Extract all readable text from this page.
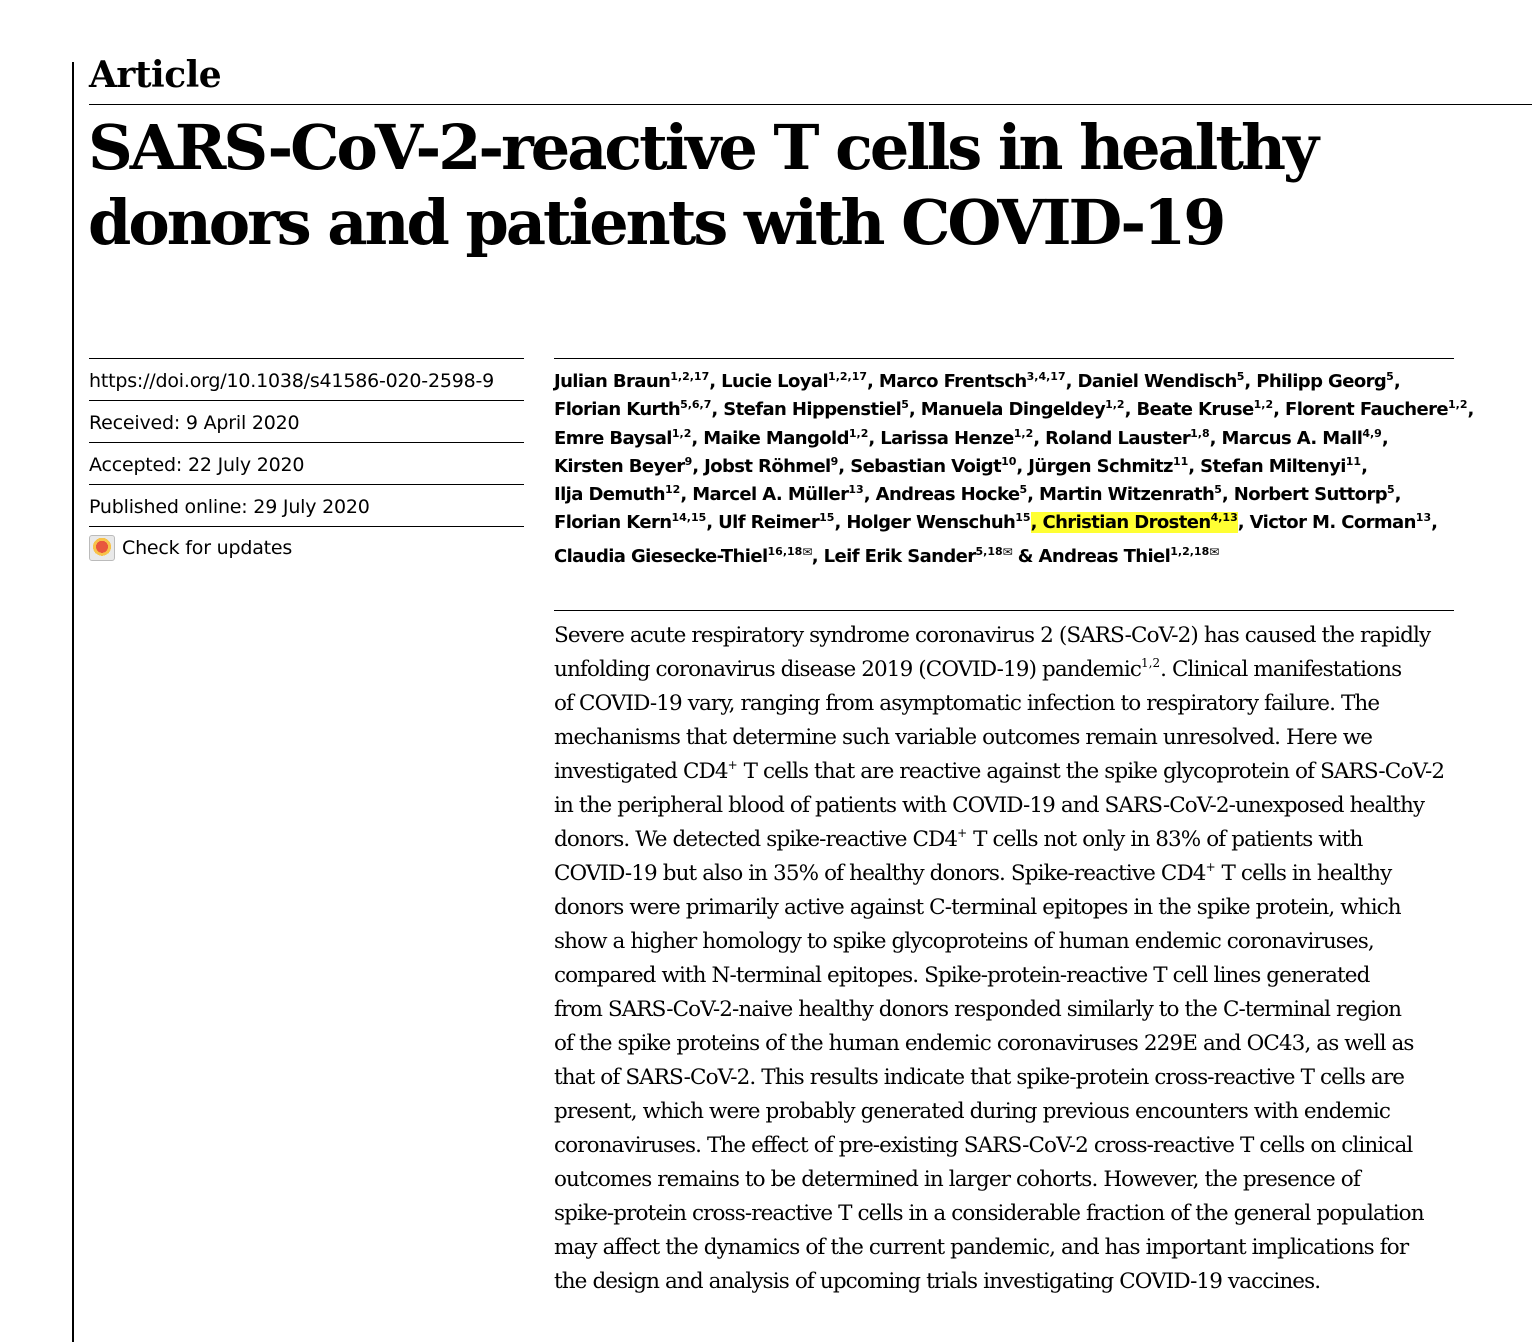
Article
SARS-CoV-2-reactive T cells in healthy
donors and patients with COVID-19
https://doi.org/10.1038/s41586-020-2598-9
Received: 9 April 2020
Accepted: 22 July 2020
Published online: 29 July 2020
Check for updates
Julian Braun$^{1,2,17}$, Lucie Loyal$^{1,2,17}$, Marco Frentsch$^{3,4,17}$, Daniel Wendisch$^5$, Philipp Georg$^5$,
Florian Kurth$^{5,6,7}$, Stefan Hippenstiel$^5$, Manuela Dingeldey$^{1,2}$, Beate Kruse$^{1,2}$, Florent Fauchere$^{1,2}$,
Emre Baysal$^{1,2}$, Maike Mangold$^{1,2}$, Larissa Henze$^{1,2}$, Roland Lauster$^{1,8}$, Marcus A. Mall$^{4,9}$,
Kirsten Beyer$^9$, Jobst Röhmel$^9$, Sebastian Voigt$^{10}$, Jürgen Schmitz$^{11}$, Stefan Miltenyi$^{11}$,
Ilja Demuth$^{12}$, Marcel A. Müller$^{13}$, Andreas Hocke$^5$, Martin Witzenrath$^5$, Norbert Suttorp$^5$,
Florian Kern$^{14,15}$, Ulf Reimer$^{15}$, Holger Wenschuh$^{15}$, Christian Drosten$^{4,13}$, Victor M. Corman$^{13}$,
Claudia Giesecke-Thiel$^{16,18✉}$, Leif Erik Sander$^{5,18✉}$ & Andreas Thiel$^{1,2,18✉}$
Severe acute respiratory syndrome coronavirus 2 (SARS-CoV-2) has caused the rapidly
unfolding coronavirus disease 2019 (COVID-19) pandemic$^{1,2}$. Clinical manifestations
of COVID-19 vary, ranging from asymptomatic infection to respiratory failure. The
mechanisms that determine such variable outcomes remain unresolved. Here we
investigated CD4+ T cells that are reactive against the spike glycoprotein of SARS-CoV-2
in the peripheral blood of patients with COVID-19 and SARS-CoV-2-unexposed healthy
donors. We detected spike-reactive CD4+ T cells not only in 83% of patients with
COVID-19 but also in 35% of healthy donors. Spike-reactive CD4+ T cells in healthy
donors were primarily active against C-terminal epitopes in the spike protein, which
show a higher homology to spike glycoproteins of human endemic coronaviruses,
compared with N-terminal epitopes. Spike-protein-reactive T cell lines generated
from SARS-CoV-2-naive healthy donors responded similarly to the C-terminal region
of the spike proteins of the human endemic coronaviruses 229E and OC43, as well as
that of SARS-CoV-2. This results indicate that spike-protein cross-reactive T cells are
present, which were probably generated during previous encounters with endemic
coronaviruses. The effect of pre-existing SARS-CoV-2 cross-reactive T cells on clinical
outcomes remains to be determined in larger cohorts. However, the presence of
spike-protein cross-reactive T cells in a considerable fraction of the general population
may affect the dynamics of the current pandemic, and has important implications for
the design and analysis of upcoming trials investigating COVID-19 vaccines.
